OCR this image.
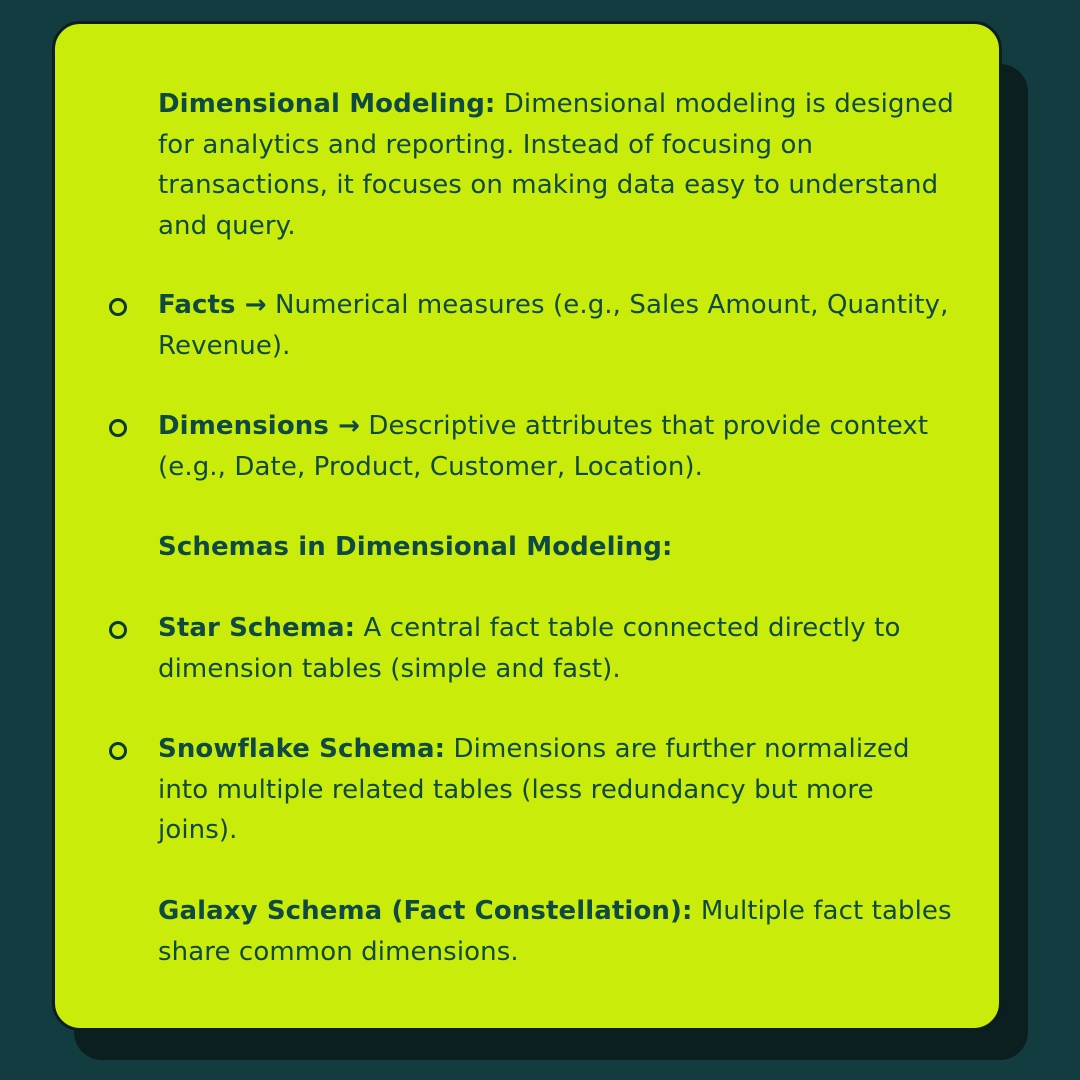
Dimensional Modeling: Dimensional modeling is designed for analytics and reporting. Instead of focusing on transactions, it focuses on making data easy to understand and query.
Facts → Numerical measures (e.g., Sales Amount, Quantity, Revenue).
Dimensions → Descriptive attributes that provide context (e.g., Date, Product, Customer, Location).
Schemas in Dimensional Modeling:
Star Schema: A central fact table connected directly to dimension tables (simple and fast).
Snowflake Schema: Dimensions are further normalized into multiple related tables (less redundancy but more joins).
Galaxy Schema (Fact Constellation): Multiple fact tables share common dimensions.
